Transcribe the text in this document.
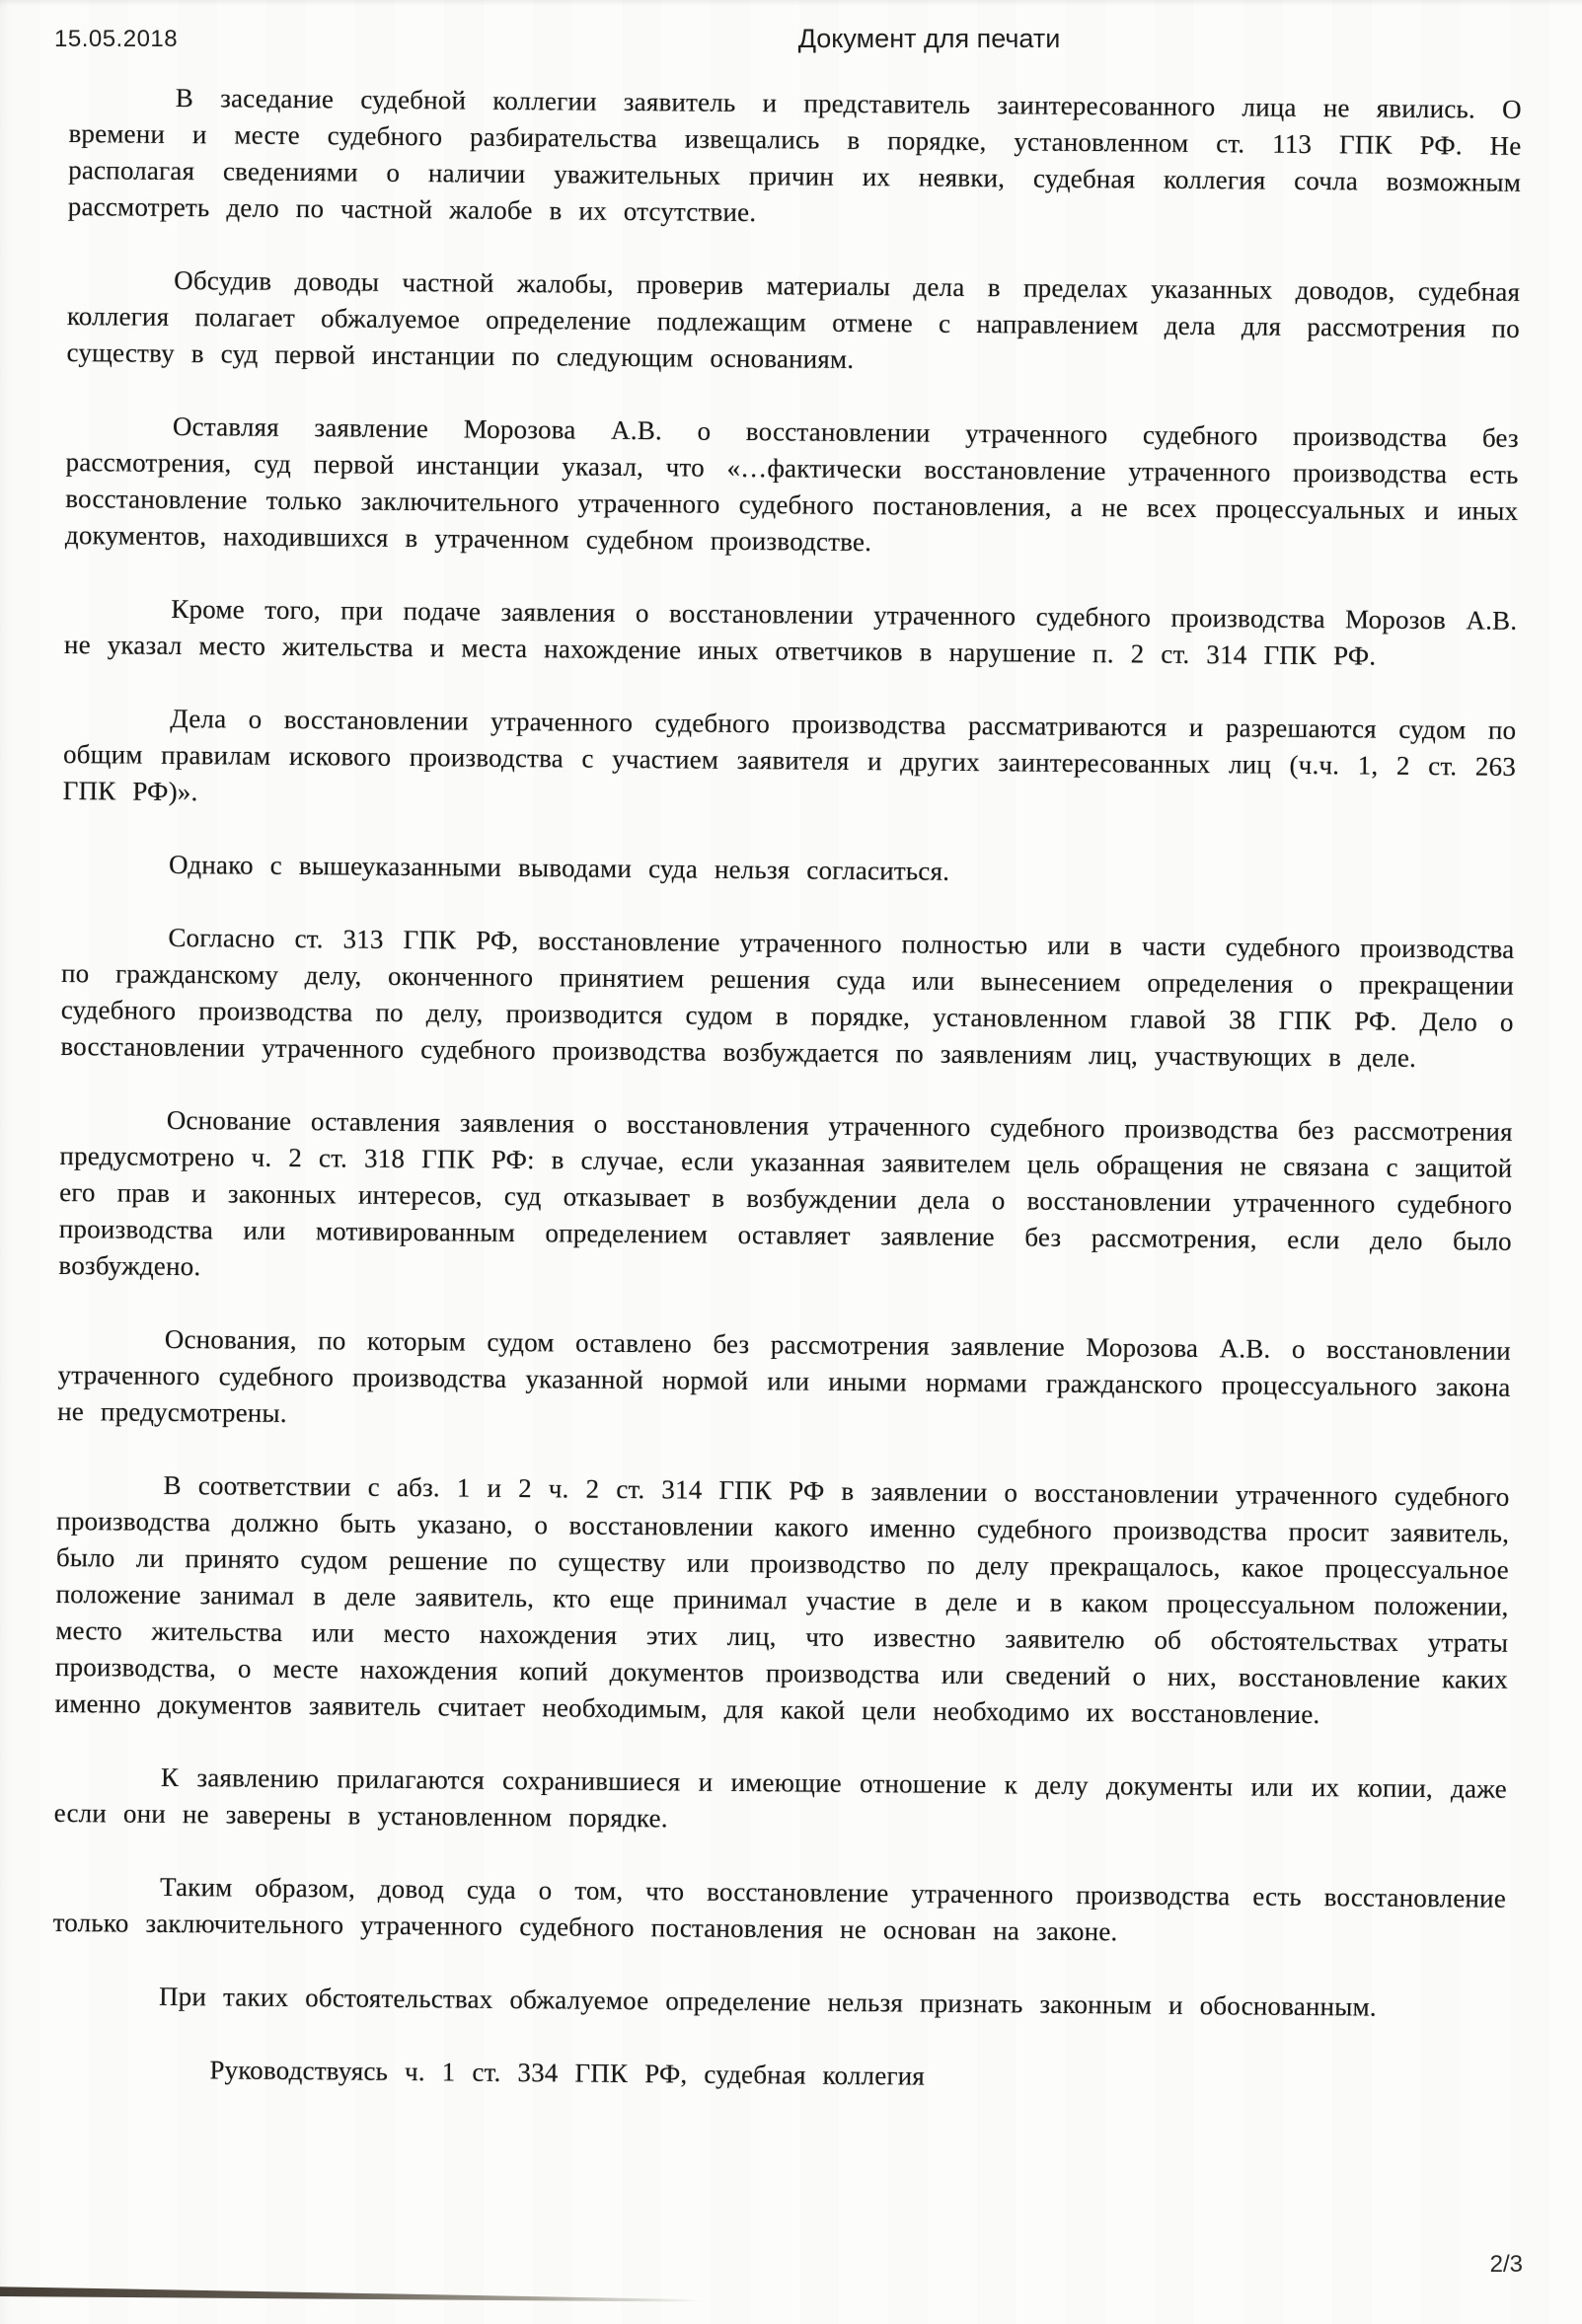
15.05.2018	Документ для печати

В заседание судебной коллегии заявитель и представитель заинтересованного лица не явились. О времени и месте судебного разбирательства извещались в порядке, установленном ст. 113 ГПК РФ. Не располагая сведениями о наличии уважительных причин их неявки, судебная коллегия сочла возможным рассмотреть дело по частной жалобе в их отсутствие.

Обсудив доводы частной жалобы, проверив материалы дела в пределах указанных доводов, судебная коллегия полагает обжалуемое определение подлежащим отмене с направлением дела для рассмотрения по существу в суд первой инстанции по следующим основаниям.

Оставляя заявление Морозова А.В. о восстановлении утраченного судебного производства без рассмотрения, суд первой инстанции указал, что «…фактически восстановление утраченного производства есть восстановление только заключительного утраченного судебного постановления, а не всех процессуальных и иных документов, находившихся в утраченном судебном производстве.

Кроме того, при подаче заявления о восстановлении утраченного судебного производства Морозов А.В. не указал место жительства и места нахождение иных ответчиков в нарушение п. 2 ст. 314 ГПК РФ.

Дела о восстановлении утраченного судебного производства рассматриваются и разрешаются судом по общим правилам искового производства с участием заявителя и других заинтересованных лиц (ч.ч. 1, 2 ст. 263 ГПК РФ)».

Однако с вышеуказанными выводами суда нельзя согласиться.

Согласно ст. 313 ГПК РФ, восстановление утраченного полностью или в части судебного производства по гражданскому делу, оконченного принятием решения суда или вынесением определения о прекращении судебного производства по делу, производится судом в порядке, установленном главой 38 ГПК РФ. Дело о восстановлении утраченного судебного производства возбуждается по заявлениям лиц, участвующих в деле.

Основание оставления заявления о восстановления утраченного судебного производства без рассмотрения предусмотрено ч. 2 ст. 318 ГПК РФ: в случае, если указанная заявителем цель обращения не связана с защитой его прав и законных интересов, суд отказывает в возбуждении дела о восстановлении утраченного судебного производства или мотивированным определением оставляет заявление без рассмотрения, если дело было возбуждено.

Основания, по которым судом оставлено без рассмотрения заявление Морозова А.В. о восстановлении утраченного судебного производства указанной нормой или иными нормами гражданского процессуального закона не предусмотрены.

В соответствии с абз. 1 и 2 ч. 2 ст. 314 ГПК РФ в заявлении о восстановлении утраченного судебного производства должно быть указано, о восстановлении какого именно судебного производства просит заявитель, было ли принято судом решение по существу или производство по делу прекращалось, какое процессуальное положение занимал в деле заявитель, кто еще принимал участие в деле и в каком процессуальном положении, место жительства или место нахождения этих лиц, что известно заявителю об обстоятельствах утраты производства, о месте нахождения копий документов производства или сведений о них, восстановление каких именно документов заявитель считает необходимым, для какой цели необходимо их восстановление.

К заявлению прилагаются сохранившиеся и имеющие отношение к делу документы или их копии, даже если они не заверены в установленном порядке.

Таким образом, довод суда о том, что восстановление утраченного производства есть восстановление только заключительного утраченного судебного постановления не основан на законе.

При таких обстоятельствах обжалуемое определение нельзя признать законным и обоснованным.

Руководствуясь ч. 1 ст. 334 ГПК РФ, судебная коллегия

2/3
